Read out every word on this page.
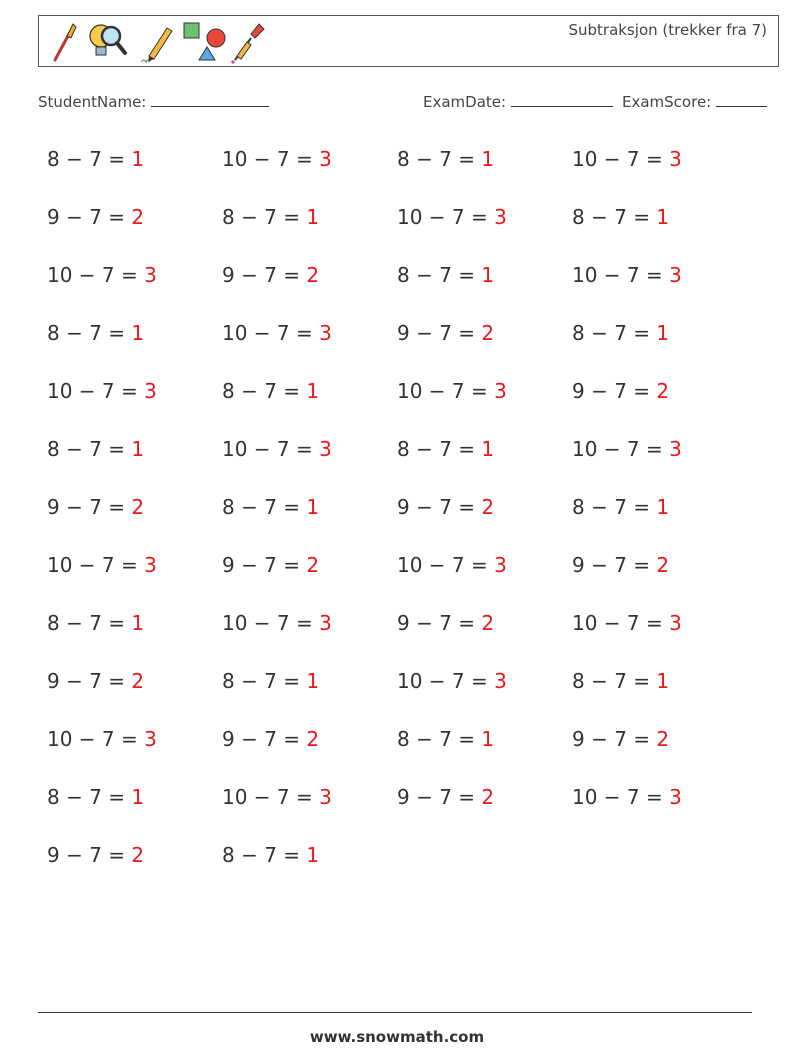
Subtraksjon (trekker fra 7)
StudentName:	ExamDate:	ExamScore:
8 − 7 = 1	10 − 7 = 3	8 − 7 = 1	10 − 7 = 3
9 − 7 = 2	8 − 7 = 1	10 − 7 = 3	8 − 7 = 1
10 − 7 = 3	9 − 7 = 2	8 − 7 = 1	10 − 7 = 3
8 − 7 = 1	10 − 7 = 3	9 − 7 = 2	8 − 7 = 1
10 − 7 = 3	8 − 7 = 1	10 − 7 = 3	9 − 7 = 2
8 − 7 = 1	10 − 7 = 3	8 − 7 = 1	10 − 7 = 3
9 − 7 = 2	8 − 7 = 1	9 − 7 = 2	8 − 7 = 1
10 − 7 = 3	9 − 7 = 2	10 − 7 = 3	9 − 7 = 2
8 − 7 = 1	10 − 7 = 3	9 − 7 = 2	10 − 7 = 3
9 − 7 = 2	8 − 7 = 1	10 − 7 = 3	8 − 7 = 1
10 − 7 = 3	9 − 7 = 2	8 − 7 = 1	9 − 7 = 2
8 − 7 = 1	10 − 7 = 3	9 − 7 = 2	10 − 7 = 3
9 − 7 = 2	8 − 7 = 1
www.snowmath.com
